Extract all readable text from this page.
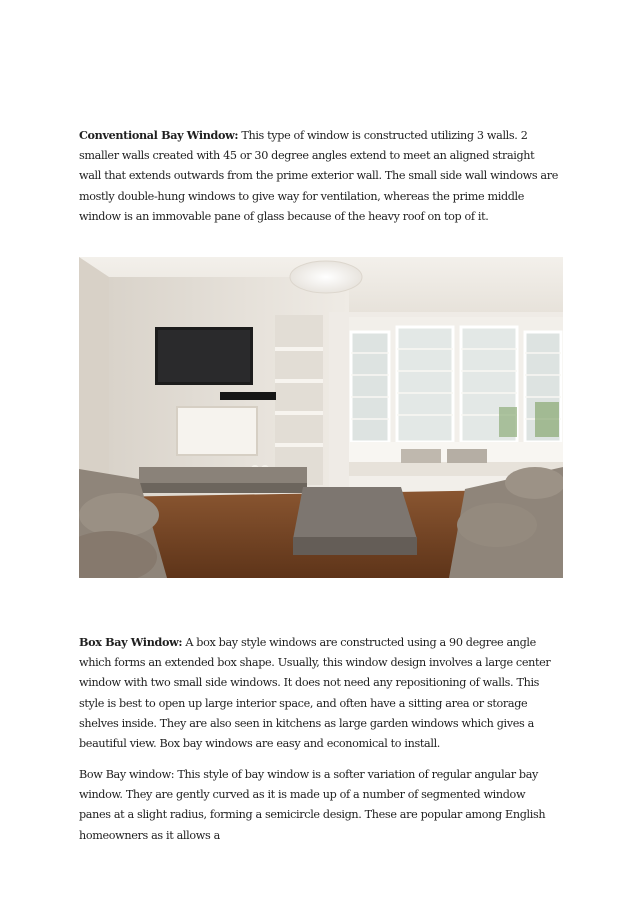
Conventional Bay Window: This type of window is constructed utilizing 3 walls. 2 smaller walls created with 45 or 30 degree angles extend to meet an aligned straight wall that extends outwards from the prime exterior wall. The small side wall windows are mostly double-hung windows to give way for ventilation, whereas the prime middle window is an immovable pane of glass because of the heavy roof on top of it.

Box Bay Window: A box bay style windows are constructed using a 90 degree angle which forms an extended box shape. Usually, this window design involves a large center window with two small side windows. It does not need any repositioning of walls. This style is best to open up large interior space, and often have a sitting area or storage shelves inside. They are also seen in kitchens as large garden windows which gives a beautiful view. Box bay windows are easy and economical to install.

Bow Bay window: This style of bay window is a softer variation of regular angular bay window. They are gently curved as it is made up of a number of segmented window panes at a slight radius, forming a semicircle design. These are popular among English homeowners as it allows a
